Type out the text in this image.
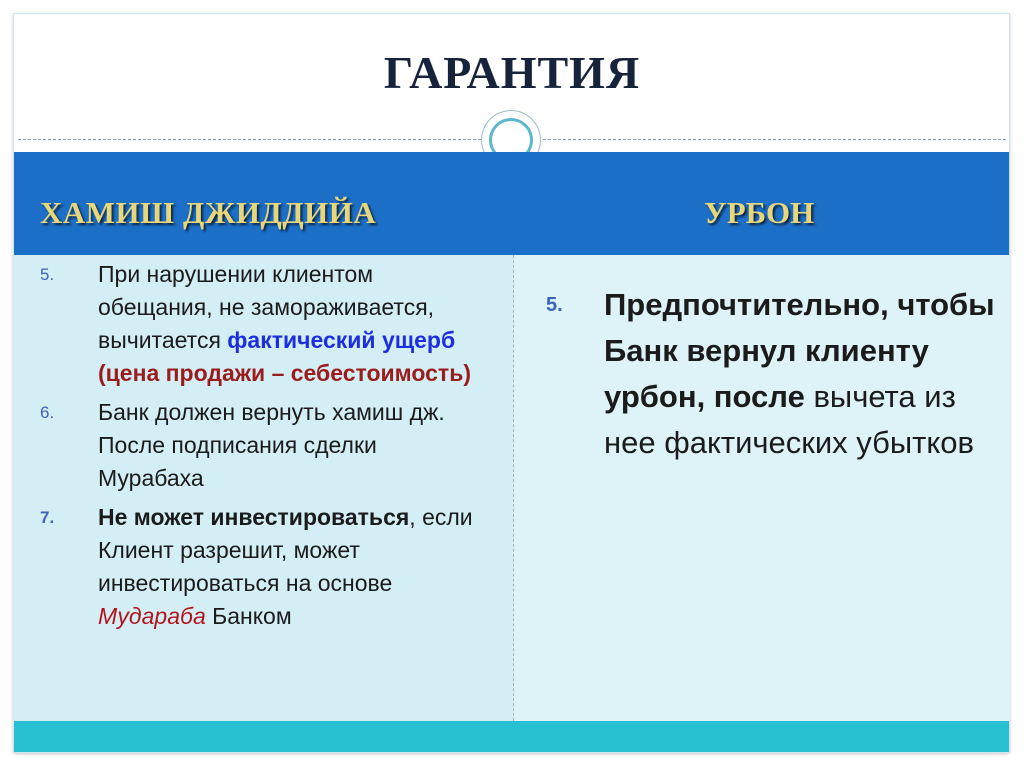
ГАРАНТИЯ
ХАМИШ ДЖИДДИЙА	УРБОН
5.	При нарушении клиентом обещания, не замораживается, вычитается фактический ущерб (цена продажи – себестоимость)
6.	Банк должен вернуть хамиш дж. После подписания сделки Мурабаха
7.	Не может инвестироваться, если Клиент разрешит, может инвестироваться на основе Мудараба Банком
5.	Предпочтительно, чтобы Банк вернул клиенту урбон, после вычета из нее фактических убытков
